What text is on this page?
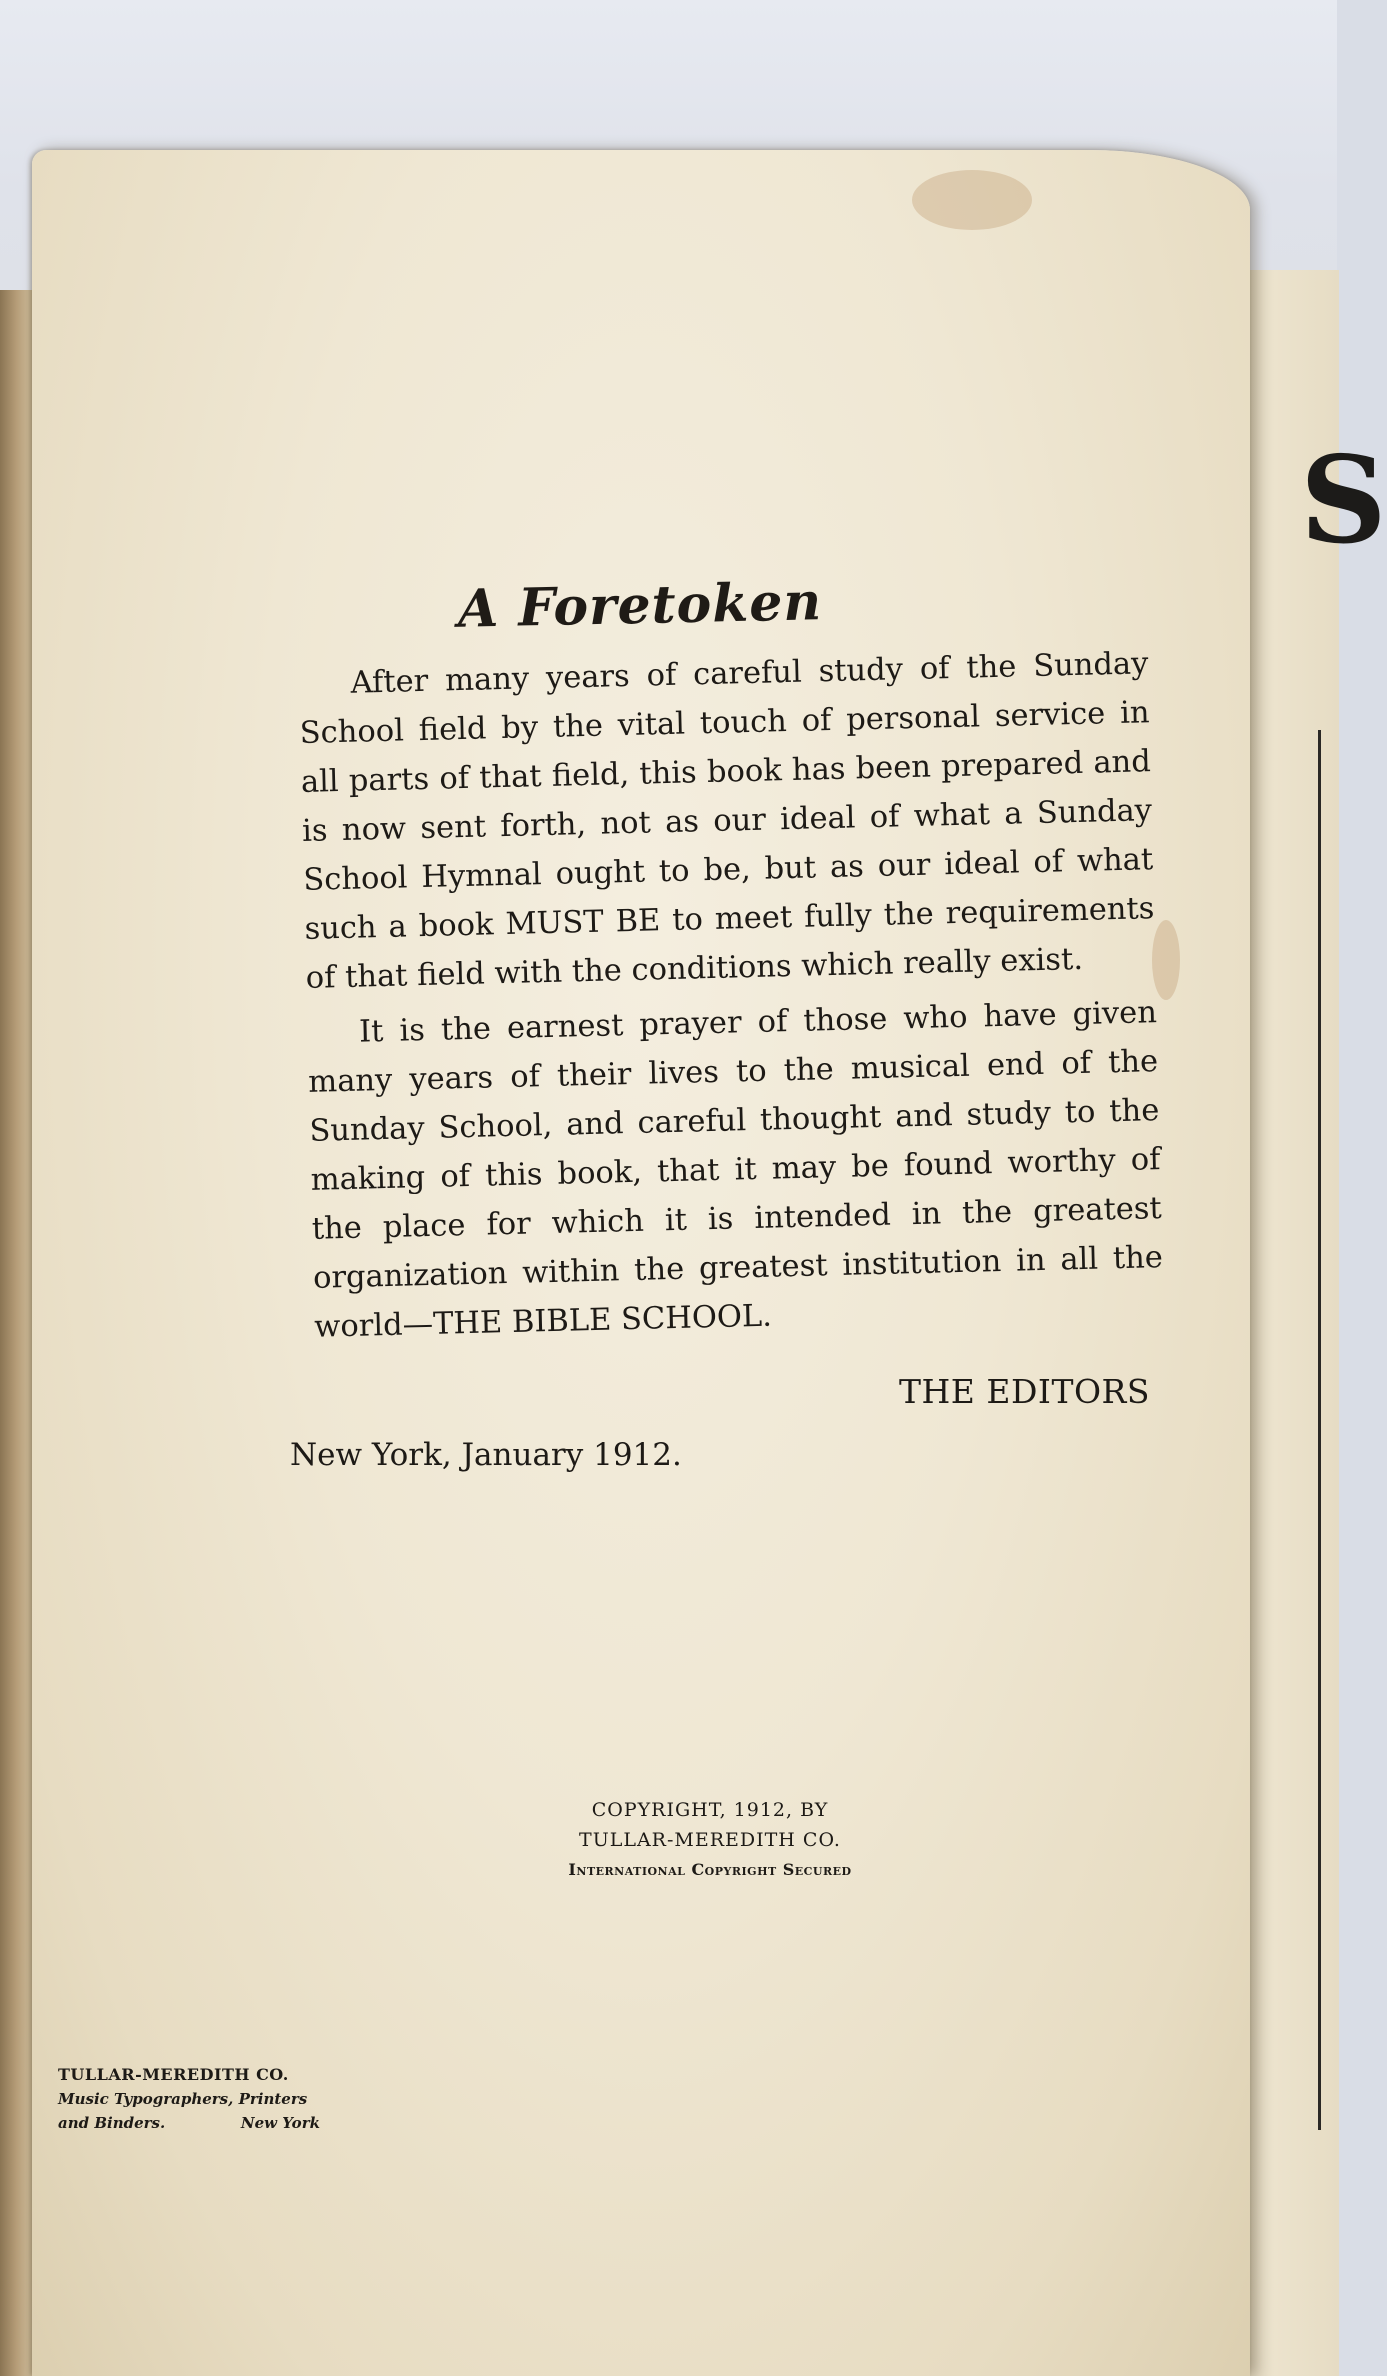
S
A Foretoken

After many years of careful study of the Sunday School field by the vital touch of personal service in all parts of that field, this book has been prepared and is now sent forth, not as our ideal of what a Sunday School Hymnal ought to be, but as our ideal of what such a book MUST BE to meet fully the requirements of that field with the conditions which really exist.

It is the earnest prayer of those who have given many years of their lives to the musical end of the Sunday School, and careful thought and study to the making of this book, that it may be found worthy of the place for which it is intended in the greatest organization within the greatest institution in all the world—THE BIBLE SCHOOL.

THE EDITORS
New York, January 1912.
COPYRIGHT, 1912, BY
TULLAR-MEREDITH CO.
International Copyright Secured
TULLAR-MEREDITH CO.
Music Typographers, Printers
and Binders.	New York
